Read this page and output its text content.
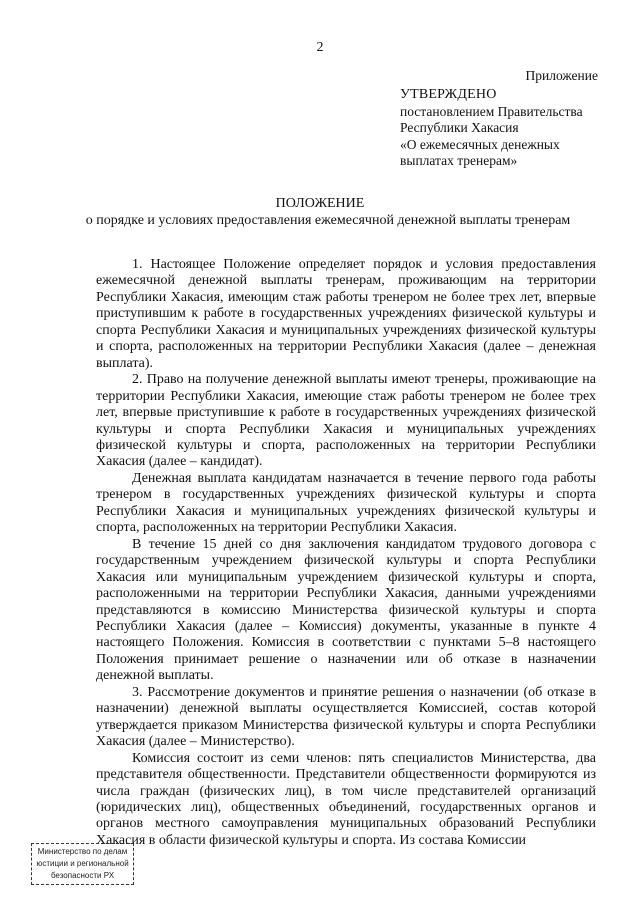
2
Приложение
УТВЕРЖДЕНО
постановлением Правительства
Республики Хакасия
«О ежемесячных денежных
выплатах тренерам»
ПОЛОЖЕНИЕ
о порядке и условиях предоставления ежемесячной денежной выплаты тренерам

1. Настоящее Положение определяет порядок и условия предоставления ежемесячной денежной выплаты тренерам, проживающим на территории Республики Хакасия, имеющим стаж работы тренером не более трех лет, впервые приступившим к работе в государственных учреждениях физической культуры и спорта Республики Хакасия и муниципальных учреждениях физической культуры и спорта, расположенных на территории Республики Хакасия (далее – денежная выплата).

2. Право на получение денежной выплаты имеют тренеры, проживающие на территории Республики Хакасия, имеющие стаж работы тренером не более трех лет, впервые приступившие к работе в государственных учреждениях физической культуры и спорта Республики Хакасия и муниципальных учреждениях физической культуры и спорта, расположенных на территории Республики Хакасия (далее – кандидат).

Денежная выплата кандидатам назначается в течение первого года работы тренером в государственных учреждениях физической культуры и спорта Республики Хакасия и муниципальных учреждениях физической культуры и спорта, расположенных на территории Республики Хакасия.

В течение 15 дней со дня заключения кандидатом трудового договора с государственным учреждением физической культуры и спорта Республики Хакасия или муниципальным учреждением физической культуры и спорта, расположенными на территории Республики Хакасия, данными учреждениями представляются в комиссию Министерства физической культуры и спорта Республики Хакасия (далее – Комиссия) документы, указанные в пункте 4 настоящего Положения. Комиссия в соответствии с пунктами 5–8 настоящего Положения принимает решение о назначении или об отказе в назначении денежной выплаты.

3. Рассмотрение документов и принятие решения о назначении (об отказе в назначении) денежной выплаты осуществляется Комиссией, состав которой утверждается приказом Министерства физической культуры и спорта Республики Хакасия (далее – Министерство).

Комиссия состоит из семи членов: пять специалистов Министерства, два представителя общественности. Представители общественности формируются из числа граждан (физических лиц), в том числе представителей организаций (юридических лиц), общественных объединений, государственных органов и органов местного самоуправления муниципальных образований Республики Хакасия в области физической культуры и спорта. Из состава Комиссии

Министерство по делам
юстиции и региональной
безопасности РХ
